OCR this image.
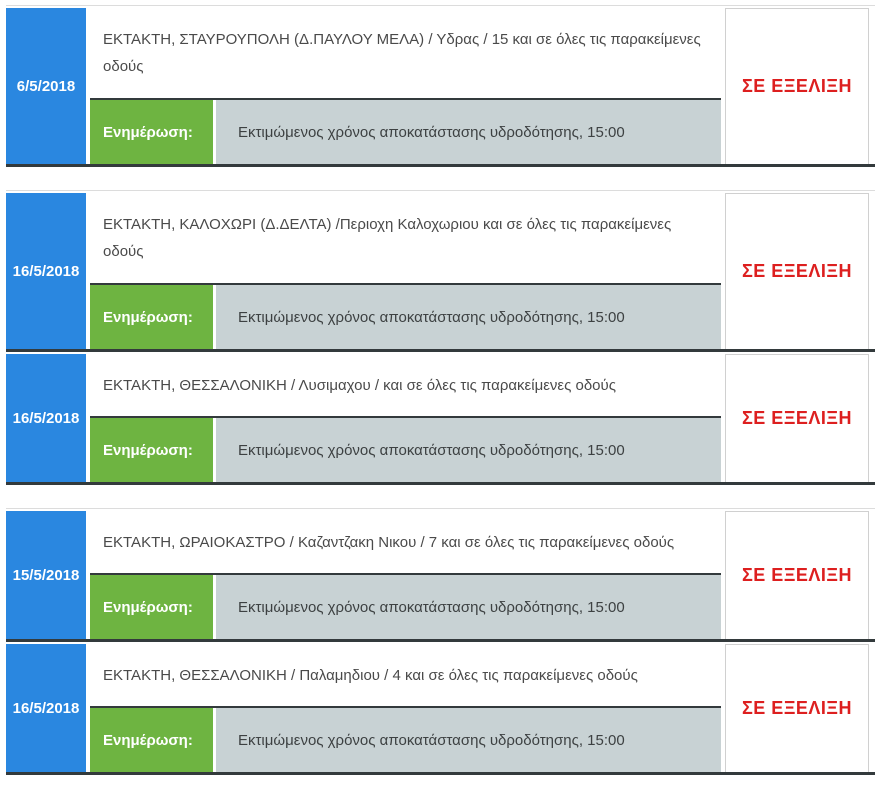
6/5/2018
ΕΚΤΑΚΤΗ, ΣΤΑΥΡΟΥΠΟΛΗ (Δ.ΠΑΥΛΟΥ ΜΕΛΑ) / Υδρας / 15 και σε όλες τις παρακείμενες οδούς
Ενημέρωση:	Εκτιμώμενος χρόνος αποκατάστασης υδροδότησης, 15:00
ΣΕ ΕΞΕΛΙΞΗ
16/5/2018
ΕΚΤΑΚΤΗ, ΚΑΛΟΧΩΡΙ (Δ.ΔΕΛΤΑ) /Περιοχη Καλοχωριου και σε όλες τις παρακείμενες οδούς
Ενημέρωση:	Εκτιμώμενος χρόνος αποκατάστασης υδροδότησης, 15:00
ΣΕ ΕΞΕΛΙΞΗ
16/5/2018
ΕΚΤΑΚΤΗ, ΘΕΣΣΑΛΟΝΙΚΗ / Λυσιμαχου / και σε όλες τις παρακείμενες οδούς
Ενημέρωση:	Εκτιμώμενος χρόνος αποκατάστασης υδροδότησης, 15:00
ΣΕ ΕΞΕΛΙΞΗ
15/5/2018
ΕΚΤΑΚΤΗ, ΩΡΑΙΟΚΑΣΤΡΟ / Καζαντζακη Νικου / 7 και σε όλες τις παρακείμενες οδούς
Ενημέρωση:	Εκτιμώμενος χρόνος αποκατάστασης υδροδότησης, 15:00
ΣΕ ΕΞΕΛΙΞΗ
16/5/2018
ΕΚΤΑΚΤΗ, ΘΕΣΣΑΛΟΝΙΚΗ / Παλαμηδιου / 4 και σε όλες τις παρακείμενες οδούς
Ενημέρωση:	Εκτιμώμενος χρόνος αποκατάστασης υδροδότησης, 15:00
ΣΕ ΕΞΕΛΙΞΗ
